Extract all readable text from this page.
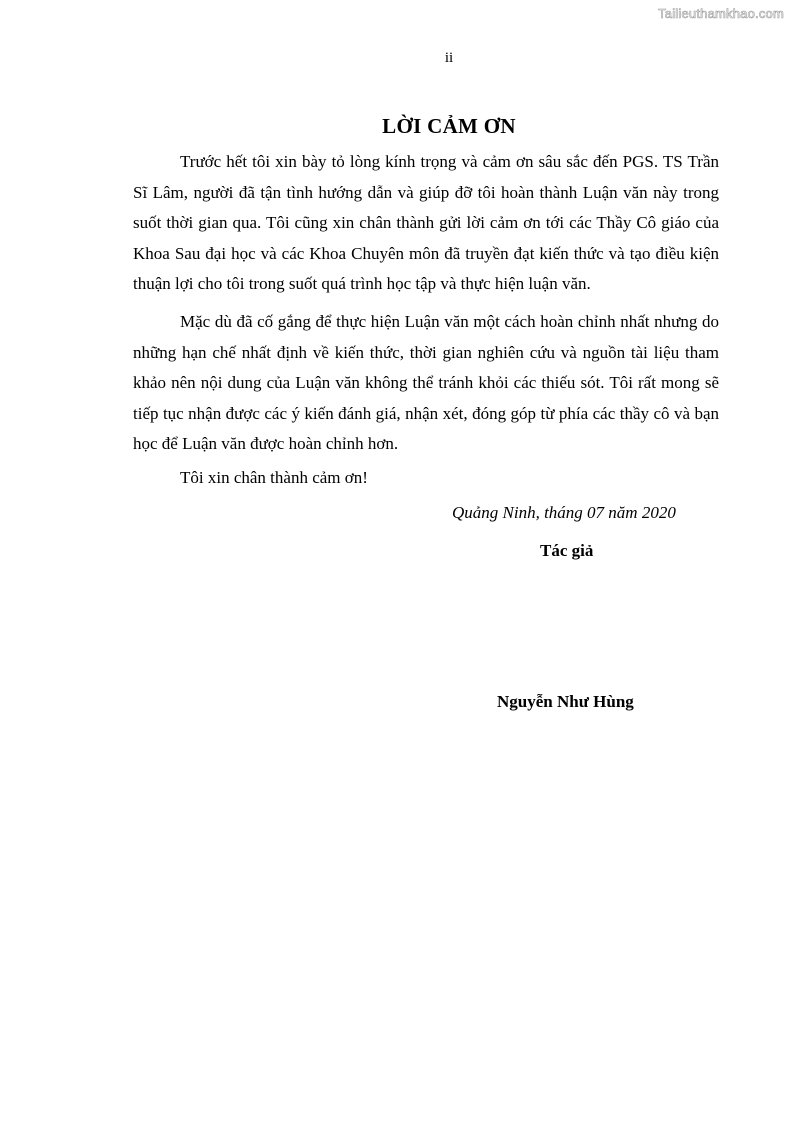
Tailieuthamkhao.com
ii
LỜI CẢM ƠN

Trước hết tôi xin bày tỏ lòng kính trọng và cảm ơn sâu sắc đến PGS. TS Trần Sĩ Lâm, người đã tận tình hướng dẫn và giúp đỡ tôi hoàn thành Luận văn này trong suốt thời gian qua. Tôi cũng xin chân thành gửi lời cảm ơn tới các Thầy Cô giáo của Khoa Sau đại học và các Khoa Chuyên môn đã truyền đạt kiến thức và tạo điều kiện thuận lợi cho tôi trong suốt quá trình học tập và thực hiện luận văn.

Mặc dù đã cố gắng để thực hiện Luận văn một cách hoàn chỉnh nhất nhưng do những hạn chế nhất định về kiến thức, thời gian nghiên cứu và nguồn tài liệu tham khảo nên nội dung của Luận văn không thể tránh khỏi các thiếu sót. Tôi rất mong sẽ tiếp tục nhận được các ý kiến đánh giá, nhận xét, đóng góp từ phía các thầy cô và bạn học để Luận văn được hoàn chỉnh hơn.

Tôi xin chân thành cảm ơn!

Quảng Ninh, tháng 07 năm 2020
Tác giả
Nguyễn Như Hùng
